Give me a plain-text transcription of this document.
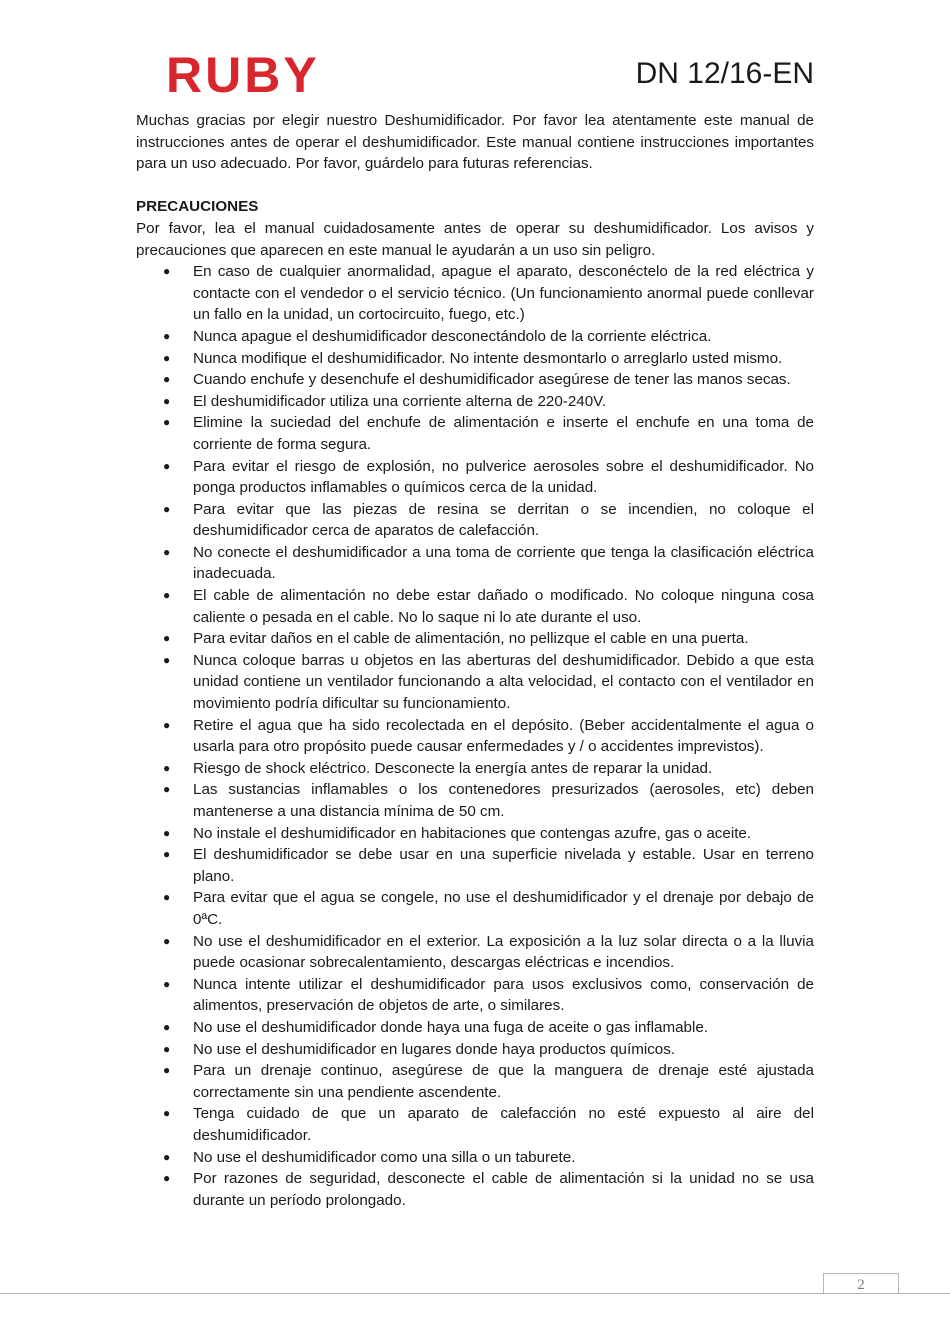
RUBY	DN 12/16-EN

Muchas gracias por elegir nuestro Deshumidificador. Por favor lea atentamente este manual de instrucciones antes de operar el deshumidificador. Este manual contiene instrucciones importantes para un uso adecuado. Por favor, guárdelo para futuras referencias.

PRECAUCIONES

Por favor, lea el manual cuidadosamente antes de operar su deshumidificador. Los avisos y precauciones que aparecen en este manual le ayudarán a un uso sin peligro.

● En caso de cualquier anormalidad, apague el aparato, desconéctelo de la red eléctrica y contacte con el vendedor o el servicio técnico. (Un funcionamiento anormal puede conllevar un fallo en la unidad, un cortocircuito, fuego, etc.)
● Nunca apague el deshumidificador desconectándolo de la corriente eléctrica.
● Nunca modifique el deshumidificador. No intente desmontarlo o arreglarlo usted mismo.
● Cuando enchufe y desenchufe el deshumidificador asegúrese de tener las manos secas.
● El deshumidificador utiliza una corriente alterna de 220-240V.
● Elimine la suciedad del enchufe de alimentación e inserte el enchufe en una toma de corriente de forma segura.
● Para evitar el riesgo de explosión, no pulverice aerosoles sobre el deshumidificador. No ponga productos inflamables o químicos cerca de la unidad.
● Para evitar que las piezas de resina se derritan o se incendien, no coloque el deshumidificador cerca de aparatos de calefacción.
● No conecte el deshumidificador a una toma de corriente que tenga la clasificación eléctrica inadecuada.
● El cable de alimentación no debe estar dañado o modificado. No coloque ninguna cosa caliente o pesada en el cable. No lo saque ni lo ate durante el uso.
● Para evitar daños en el cable de alimentación, no pellizque el cable en una puerta.
● Nunca coloque barras u objetos en las aberturas del deshumidificador. Debido a que esta unidad contiene un ventilador funcionando a alta velocidad, el contacto con el ventilador en movimiento podría dificultar su funcionamiento.
● Retire el agua que ha sido recolectada en el depósito. (Beber accidentalmente el agua o usarla para otro propósito puede causar enfermedades y / o accidentes imprevistos).
● Riesgo de shock eléctrico. Desconecte la energía antes de reparar la unidad.
● Las sustancias inflamables o los contenedores presurizados (aerosoles, etc) deben mantenerse a una distancia mínima de 50 cm.
● No instale el deshumidificador en habitaciones que contengas azufre, gas o aceite.
● El deshumidificador se debe usar en una superficie nivelada y estable. Usar en terreno plano.
● Para evitar que el agua se congele, no use el deshumidificador y el drenaje por debajo de 0ªC.
● No use el deshumidificador en el exterior. La exposición a la luz solar directa o a la lluvia puede ocasionar sobrecalentamiento, descargas eléctricas e incendios.
● Nunca intente utilizar el deshumidificador para usos exclusivos como, conservación de alimentos, preservación de objetos de arte, o similares.
● No use el deshumidificador donde haya una fuga de aceite o gas inflamable.
● No use el deshumidificador en lugares donde haya productos químicos.
● Para un drenaje continuo, asegúrese de que la manguera de drenaje esté ajustada correctamente sin una pendiente ascendente.
● Tenga cuidado de que un aparato de calefacción no esté expuesto al aire del deshumidificador.
● No use el deshumidificador como una silla o un taburete.
● Por razones de seguridad, desconecte el cable de alimentación si la unidad no se usa durante un período prolongado.
2
